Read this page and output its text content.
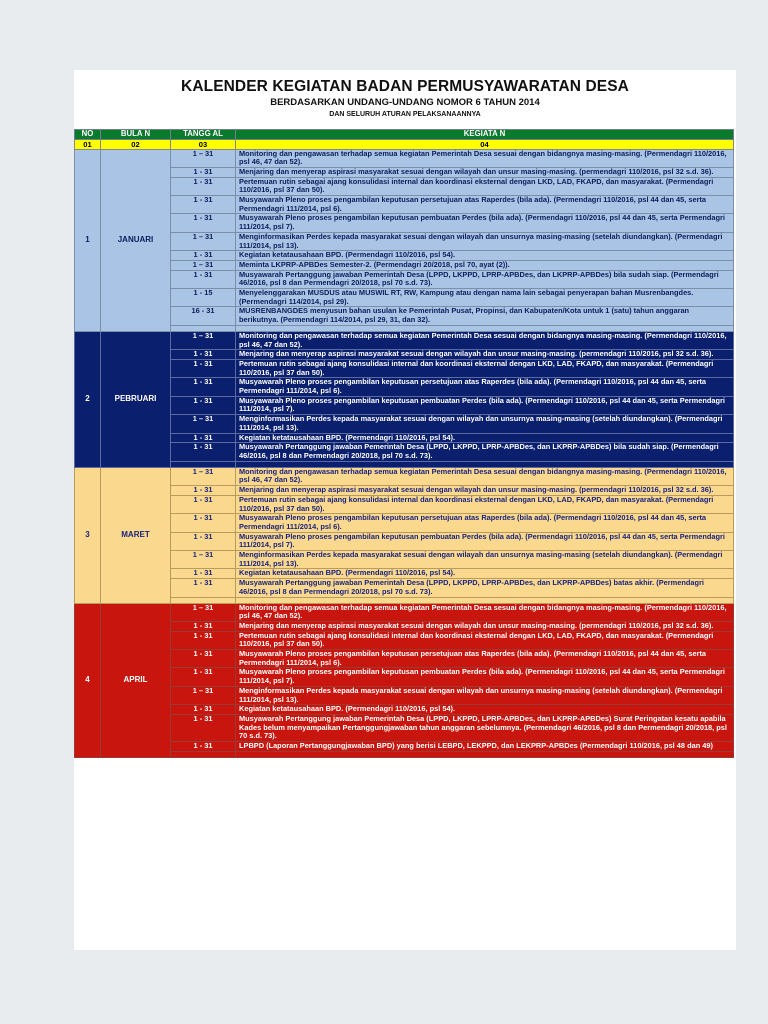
KALENDER KEGIATAN BADAN PERMUSYAWARATAN DESA
BERDASARKAN UNDANG-UNDANG NOMOR 6 TAHUN 2014
DAN SELURUH ATURAN PELAKSANAANNYA
NO	BULA N	TANGG AL	KEGIATA N
01	02	03	04
1	JANUARI	1 – 31	Monitoring dan pengawasan terhadap semua kegiatan Pemerintah Desa sesuai dengan bidangnya masing-masing. (Permendagri 110/2016, psl 46, 47 dan 52).
		1 - 31	Menjaring dan menyerap aspirasi masyarakat sesuai dengan wilayah dan unsur masing-masing. (permendagri 110/2016, psl 32 s.d. 36).
		1 - 31	Pertemuan rutin sebagai ajang konsulidasi internal dan koordinasi eksternal dengan LKD, LAD, FKAPD, dan masyarakat. (Permendagri 110/2016, psl 37 dan 50).
		1 - 31	Musyawarah Pleno proses pengambilan keputusan persetujuan atas Raperdes (bila ada). (Permendagri 110/2016, psl 44 dan 45, serta Permendagri 111/2014, psl 6).
		1 - 31	Musyawarah Pleno proses pengambilan keputusan pembuatan Perdes (bila ada). (Permendagri 110/2016, psl 44 dan 45, serta Permendagri 111/2014, psl 7).
		1 – 31	Menginformasikan Perdes kepada masyarakat sesuai dengan wilayah dan unsurnya masing-masing (setelah diundangkan). (Permendagri 111/2014, psl 13).
		1 - 31	Kegiatan ketatausahaan BPD. (Permendagri 110/2016, psl 54).
		1 – 31	Meminta LKPRP-APBDes Semester-2. (Permendagri 20/2018, psl 70, ayat (2)).
		1 - 31	Musyawarah Pertanggung jawaban Pemerintah Desa (LPPD, LKPPD, LPRP-APBDes, dan LKPRP-APBDes) bila sudah siap. (Permendagri 46/2016, psl 8 dan Permendagri 20/2018, psl 70 s.d. 73).
		1 - 15	Menyelenggarakan MUSDUS atau MUSWIL RT, RW, Kampung atau dengan nama lain sebagai penyerapan bahan Musrenbangdes. (Permendagri 114/2014, psl 29).
		16 - 31	MUSRENBANGDES menyusun bahan usulan ke Pemerintah Pusat, Propinsi, dan Kabupaten/Kota untuk 1 (satu) tahun anggaran berikutnya. (Permendagri 114/2014, psl 29, 31, dan 32).

2	PEBRUARI	1 – 31	Monitoring dan pengawasan terhadap semua kegiatan Pemerintah Desa sesuai dengan bidangnya masing-masing. (Permendagri 110/2016, psl 46, 47 dan 52).
		1 - 31	Menjaring dan menyerap aspirasi masyarakat sesuai dengan wilayah dan unsur masing-masing. (permendagri 110/2016, psl 32 s.d. 36).
		1 - 31	Pertemuan rutin sebagai ajang konsulidasi internal dan koordinasi eksternal dengan LKD, LAD, FKAPD, dan masyarakat. (Permendagri 110/2016, psl 37 dan 50).
		1 - 31	Musyawarah Pleno proses pengambilan keputusan persetujuan atas Raperdes (bila ada). (Permendagri 110/2016, psl 44 dan 45, serta Permendagri 111/2014, psl 6).
		1 - 31	Musyawarah Pleno proses pengambilan keputusan pembuatan Perdes (bila ada). (Permendagri 110/2016, psl 44 dan 45, serta Permendagri 111/2014, psl 7).
		1 – 31	Menginformasikan Perdes kepada masyarakat sesuai dengan wilayah dan unsurnya masing-masing (setelah diundangkan). (Permendagri 111/2014, psl 13).
		1 - 31	Kegiatan ketatausahaan BPD. (Permendagri 110/2016, psl 54).
		1 - 31	Musyawarah Pertanggung jawaban Pemerintah Desa (LPPD, LKPPD, LPRP-APBDes, dan LKPRP-APBDes) bila sudah siap. (Permendagri 46/2016, psl 8 dan Permendagri 20/2018, psl 70 s.d. 73).

3	MARET	1 – 31	Monitoring dan pengawasan terhadap semua kegiatan Pemerintah Desa sesuai dengan bidangnya masing-masing. (Permendagri 110/2016, psl 46, 47 dan 52).
		1 - 31	Menjaring dan menyerap aspirasi masyarakat sesuai dengan wilayah dan unsur masing-masing. (permendagri 110/2016, psl 32 s.d. 36).
		1 - 31	Pertemuan rutin sebagai ajang konsulidasi internal dan koordinasi eksternal dengan LKD, LAD, FKAPD, dan masyarakat. (Permendagri 110/2016, psl 37 dan 50).
		1 - 31	Musyawarah Pleno proses pengambilan keputusan persetujuan atas Raperdes (bila ada). (Permendagri 110/2016, psl 44 dan 45, serta Permendagri 111/2014, psl 6).
		1 - 31	Musyawarah Pleno proses pengambilan keputusan pembuatan Perdes (bila ada). (Permendagri 110/2016, psl 44 dan 45, serta Permendagri 111/2014, psl 7).
		1 – 31	Menginformasikan Perdes kepada masyarakat sesuai dengan wilayah dan unsurnya masing-masing (setelah diundangkan). (Permendagri 111/2014, psl 13).
		1 - 31	Kegiatan ketatausahaan BPD. (Permendagri 110/2016, psl 54).
		1 - 31	Musyawarah Pertanggung jawaban Pemerintah Desa (LPPD, LKPPD, LPRP-APBDes, dan LKPRP-APBDes) batas akhir. (Permendagri 46/2016, psl 8 dan Permendagri 20/2018, psl 70 s.d. 73).

4	APRIL	1 – 31	Monitoring dan pengawasan terhadap semua kegiatan Pemerintah Desa sesuai dengan bidangnya masing-masing. (Permendagri 110/2016, psl 46, 47 dan 52).
		1 - 31	Menjaring dan menyerap aspirasi masyarakat sesuai dengan wilayah dan unsur masing-masing. (permendagri 110/2016, psl 32 s.d. 36).
		1 - 31	Pertemuan rutin sebagai ajang konsulidasi internal dan koordinasi eksternal dengan LKD, LAD, FKAPD, dan masyarakat. (Permendagri 110/2016, psl 37 dan 50).
		1 - 31	Musyawarah Pleno proses pengambilan keputusan persetujuan atas Raperdes (bila ada). (Permendagri 110/2016, psl 44 dan 45, serta Permendagri 111/2014, psl 6).
		1 - 31	Musyawarah Pleno proses pengambilan keputusan pembuatan Perdes (bila ada). (Permendagri 110/2016, psl 44 dan 45, serta Permendagri 111/2014, psl 7).
		1 – 31	Menginformasikan Perdes kepada masyarakat sesuai dengan wilayah dan unsurnya masing-masing (setelah diundangkan). (Permendagri 111/2014, psl 13).
		1 - 31	Kegiatan ketatausahaan BPD. (Permendagri 110/2016, psl 54).
		1 - 31	Musyawarah Pertanggung jawaban Pemerintah Desa (LPPD, LKPPD, LPRP-APBDes, dan LKPRP-APBDes) Surat Peringatan kesatu apabila Kades belum menyampaikan Pertanggungjawaban tahun anggaran sebelumnya. (Permendagri 46/2016, psl 8 dan Permendagri 20/2018, psl 70 s.d. 73).
		1 - 31	LPBPD (Laporan Pertanggungjawaban BPD) yang berisi LEBPD, LEKPPD, dan LEKPRP-APBDes (Permendagri 110/2016, psl 48 dan 49)
